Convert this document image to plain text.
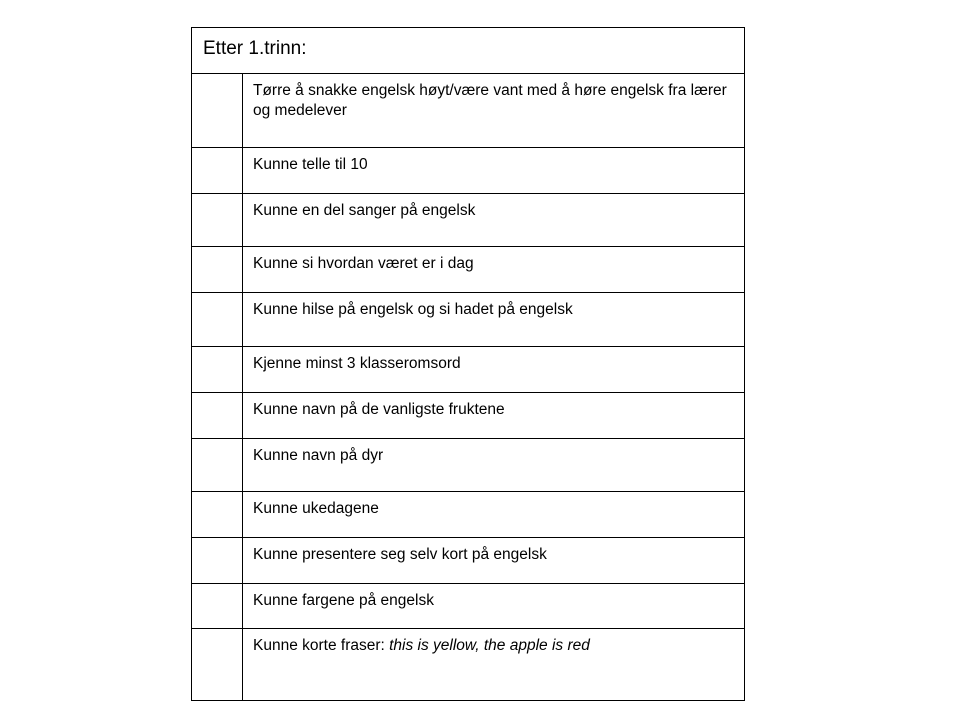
Etter 1.trinn:
Tørre å snakke engelsk høyt/være vant med å høre engelsk fra lærer og medelever
Kunne telle til 10
Kunne en del sanger på engelsk
Kunne si hvordan været er i dag
Kunne hilse på engelsk og si hadet på engelsk
Kjenne minst 3 klasseromsord
Kunne navn på de vanligste fruktene
Kunne navn på dyr
Kunne ukedagene
Kunne presentere seg selv kort på engelsk
Kunne fargene på engelsk
Kunne korte fraser: this is yellow, the apple is red
